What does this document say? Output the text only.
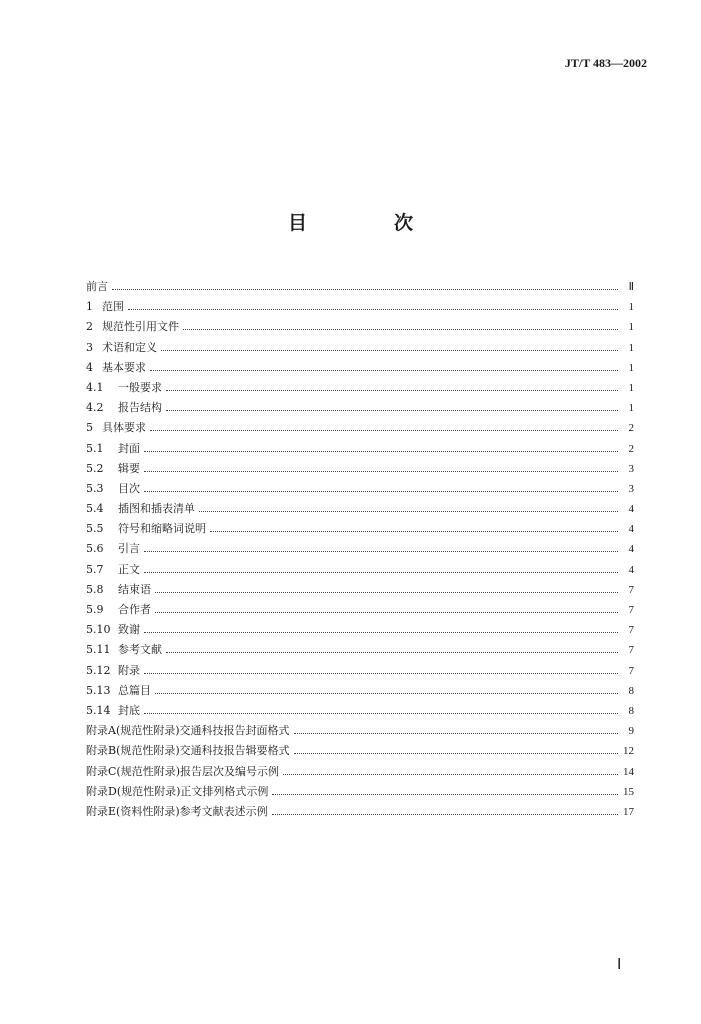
JT/T 483—2002
目　次
前言	Ⅱ
1 范围	1
2 规范性引用文件	1
3 术语和定义	1
4 基本要求	1
4.1	一般要求	1
4.2	报告结构	1
5 具体要求	2
5.1	封面	2
5.2	辑要	3
5.3	目次	3
5.4	插图和插表清单	4
5.5	符号和缩略词说明	4
5.6	引言	4
5.7	正文	4
5.8	结束语	7
5.9	合作者	7
5.10 致谢	7
5.11 参考文献	7
5.12 附录	7
5.13 总篇目	8
5.14 封底	8
附录A(规范性附录)交通科技报告封面格式	9
附录B(规范性附录)交通科技报告辑要格式	12
附录C(规范性附录)报告层次及编号示例	14
附录D(规范性附录)正文排列格式示例	15
附录E(资料性附录)参考文献表述示例	17
Ⅰ
